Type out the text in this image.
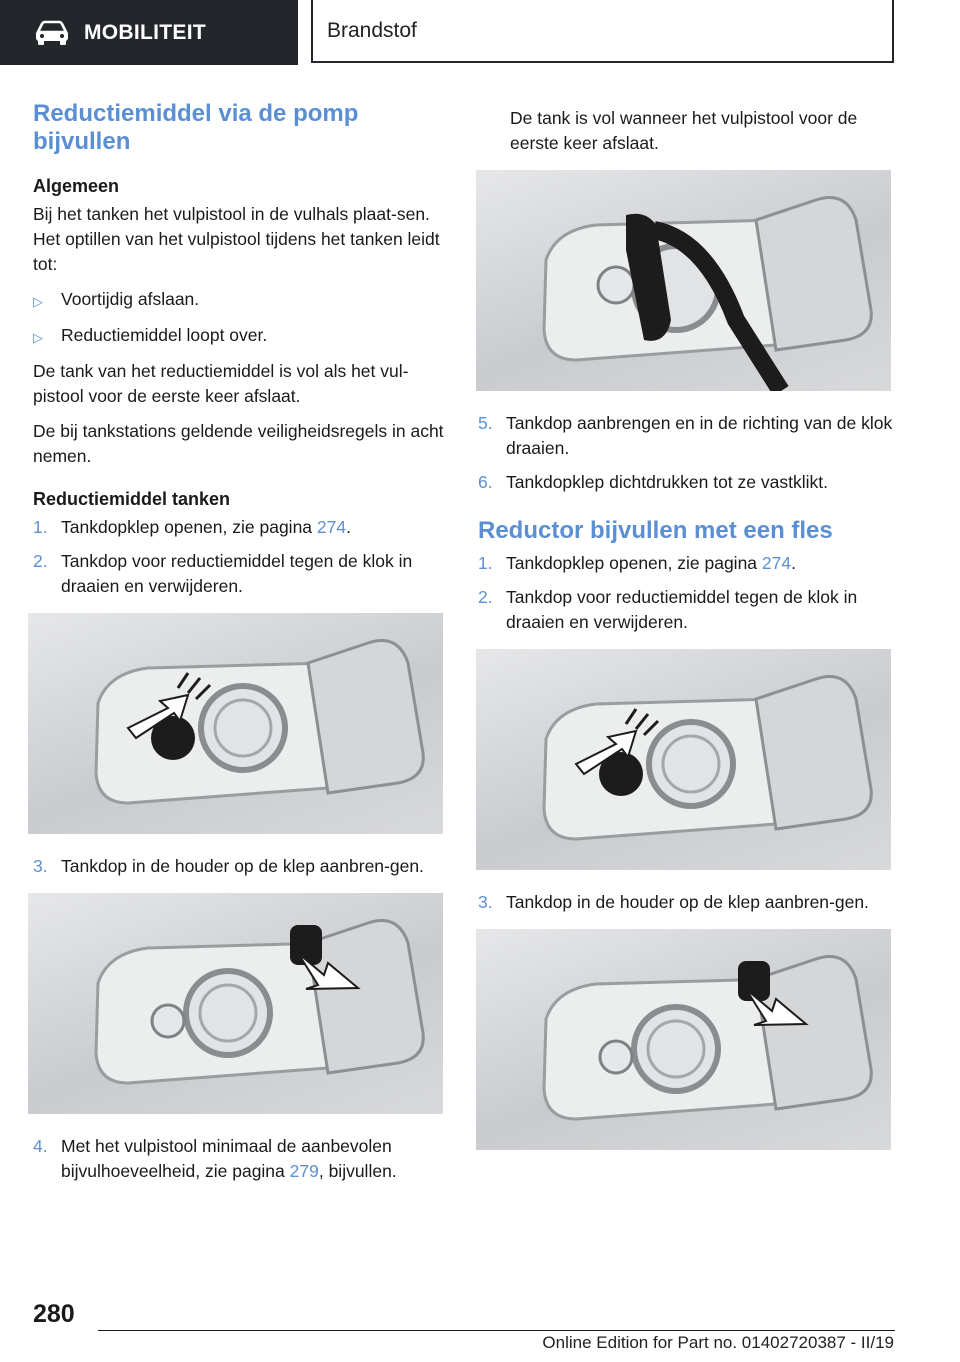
MOBILITEIT	Brandstof
Reductiemiddel via de pomp bijvullen
Algemeen

Bij het tanken het vulpistool in de vulhals plaat-sen. Het optillen van het vulpistool tijdens het tanken leidt tot:

▷	Voortijdig afslaan.
▷	Reductiemiddel loopt over.

De tank van het reductiemiddel is vol als het vul-pistool voor de eerste keer afslaat.

De bij tankstations geldende veiligheidsregels in acht nemen.

Reductiemiddel tanken
1. Tankdopklep openen, zie pagina 274.
2. Tankdop voor reductiemiddel tegen de klok in draaien en verwijderen.
3. Tankdop in de houder op de klep aanbren-gen.
4. Met het vulpistool minimaal de aanbevolen bijvulhoeveelheid, zie pagina 279, bijvullen.

De tank is vol wanneer het vulpistool voor de eerste keer afslaat.

5. Tankdop aanbrengen en in de richting van de klok draaien.
6. Tankdopklep dichtdrukken tot ze vastklikt.
Reductor bijvullen met een fles
1. Tankdopklep openen, zie pagina 274.
2. Tankdop voor reductiemiddel tegen de klok in draaien en verwijderen.
3. Tankdop in de houder op de klep aanbren-gen.
280
Online Edition for Part no. 01402720387 - II/19
